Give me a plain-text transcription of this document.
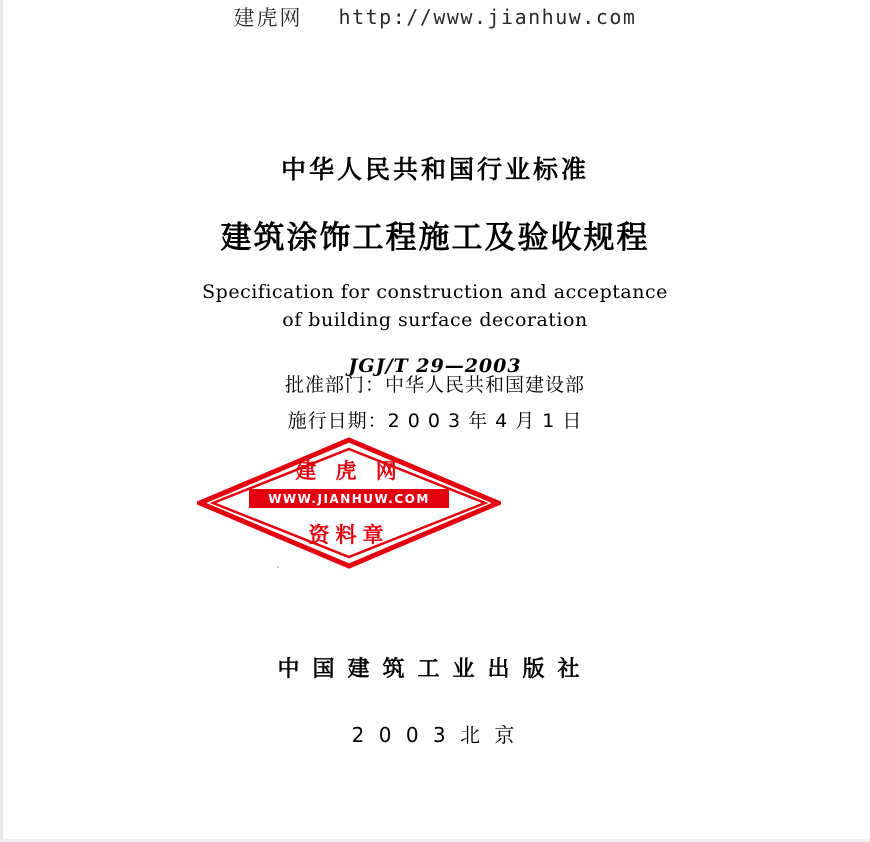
建虎网 http://www.jianhuw.com
中华人民共和国行业标准
建筑涂饰工程施工及验收规程
Specification for construction and acceptance
of building surface decoration
JGJ/T 29—2003
批准部门：中华人民共和国建设部
施行日期：2 0 0 3 年 4 月 1 日
建 虎 网
WWW.JIANHUW.COM
资料章
中国建筑工业出版社
2 0 0 3 北 京
